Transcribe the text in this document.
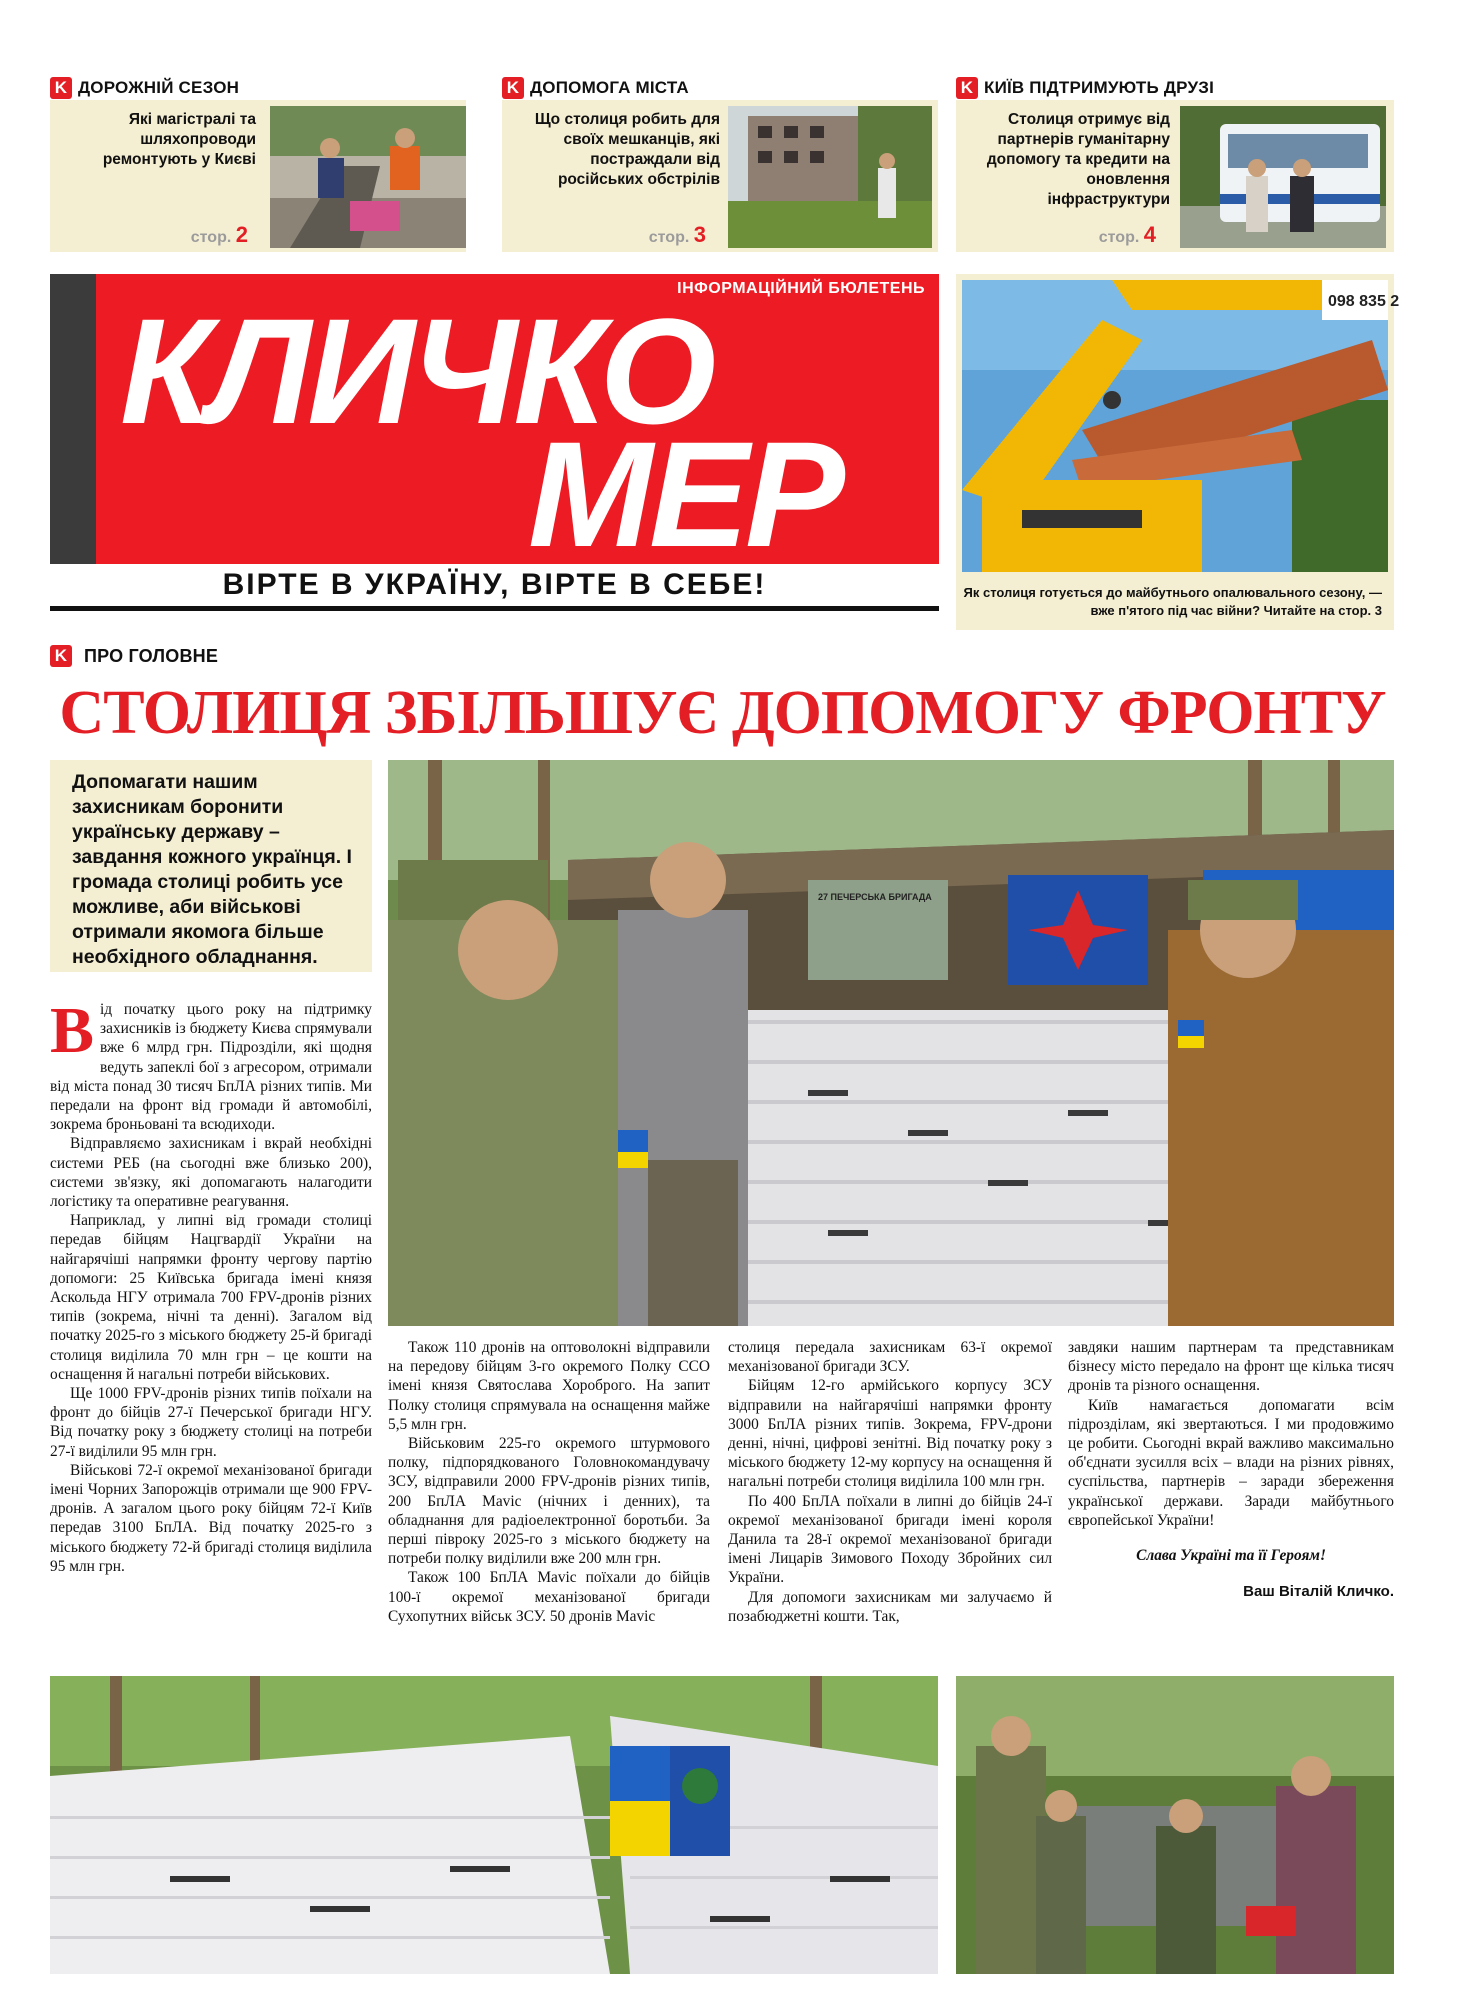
K ДОРОЖНІЙ СЕЗОН
Які магістралі та шляхопроводи ремонтують у Києві
стор. 2
K ДОПОМОГА МІСТА
Що столиця робить для своїх мешканців, які постраждали від російських обстрілів
стор. 3
K КИЇВ ПІДТРИМУЮТЬ ДРУЗІ
Столиця отримує від партнерів гуманітарну допомогу та кредити на оновлення інфраструктури
стор. 4
ІНФОРМАЦІЙНИЙ БЮЛЕТЕНЬ
КЛИЧКО
МЕР
ВІРТЕ В УКРАЇНУ, ВІРТЕ В СЕБЕ!
098 835 2
Як столиця готується до майбутнього опалювального сезону, — вже п'ятого під час війни? Читайте на стор. 3
K ПРО ГОЛОВНЕ
СТОЛИЦЯ ЗБІЛЬШУЄ ДОПОМОГУ ФРОНТУ
Допомагати нашим захисникам боронити українську державу – завдання кожного українця. І громада столиці робить усе можливе, аби військові отримали якомога більше необхідного обладнання.
27 ПЕЧЕРСЬКА БРИГАДА
В ід початку цього року на підтримку захисників із бюджету Києва спрямували вже 6 млрд грн. Підрозділи, які щодня ведуть запеклі бої з агресором, отримали від міста понад 30 тисяч БпЛА різних типів. Ми передали на фронт від громади й автомобілі, зокрема броньовані та всюдиходи.

Відправляємо захисникам і вкрай необхідні системи РЕБ (на сьогодні вже близько 200), системи зв'язку, які допомагають налагодити логістику та оперативне реагування.

Наприклад, у липні від громади столиці передав бійцям Нацгвардії України на найгарячіші напрямки фронту чергову партію допомоги: 25 Київська бригада імені князя Аскольда НГУ отримала 700 FPV-дронів різних типів (зокрема, нічні та денні). Загалом від початку 2025-го з міського бюджету 25-й бригаді столиця виділила 70 млн грн – це кошти на оснащення й нагальні потреби військових.

Ще 1000 FPV-дронів різних типів поїхали на фронт до бійців 27-ї Печерської бригади НГУ. Від початку року з бюджету столиці на потреби 27-ї виділили 95 млн грн.

Військові 72-ї окремої механізованої бригади імені Чорних Запорожців отримали ще 900 FPV-дронів. А загалом цього року бійцям 72-ї Київ передав 3100 БпЛА. Від початку 2025-го з міського бюджету 72-й бригаді столиця виділила 95 млн грн.

Також 110 дронів на оптоволокні відправили на передову бійцям 3-го окремого Полку ССО імені князя Святослава Хороброго. На запит Полку столиця спрямувала на оснащення майже 5,5 млн грн.

Військовим 225-го окремого штурмового полку, підпорядкованого Головнокомандувачу ЗСУ, відправили 2000 FPV-дронів різних типів, 200 БпЛА Mavic (нічних і денних), та обладнання для радіоелектронної боротьби. За перші півроку 2025-го з міського бюджету на потреби полку виділили вже 200 млн грн.

Також 100 БпЛА Mavic поїхали до бійців 100-ї окремої механізованої бригади Сухопутних військ ЗСУ. 50 дронів Mavic

столиця передала захисникам 63-ї окремої механізованої бригади ЗСУ.

Бійцям 12-го армійського корпусу ЗСУ відправили на найгарячіші напрямки фронту 3000 БпЛА різних типів. Зокрема, FPV-дрони денні, нічні, цифрові зенітні. Від початку року з міського бюджету 12-му корпусу на оснащення й нагальні потреби столиця виділила 100 млн грн.

По 400 БпЛА поїхали в липні до бійців 24-ї окремої механізованої бригади імені короля Данила та 28-ї окремої механізованої бригади імені Лицарів Зимового Походу Збройних сил України.

Для допомоги захисникам ми залучаємо й позабюджетні кошти. Так,

завдяки нашим партнерам та представникам бізнесу місто передало на фронт ще кілька тисяч дронів та різного оснащення.

Київ намагається допомагати всім підрозділам, які звертаються. І ми продовжимо це робити. Сьогодні вкрай важливо максимально об'єднати зусилля всіх – влади на різних рівнях, суспільства, партнерів – заради збереження української держави. Заради майбутнього європейської України!

Слава Україні та її Героям!

Ваш Віталій Кличко.
